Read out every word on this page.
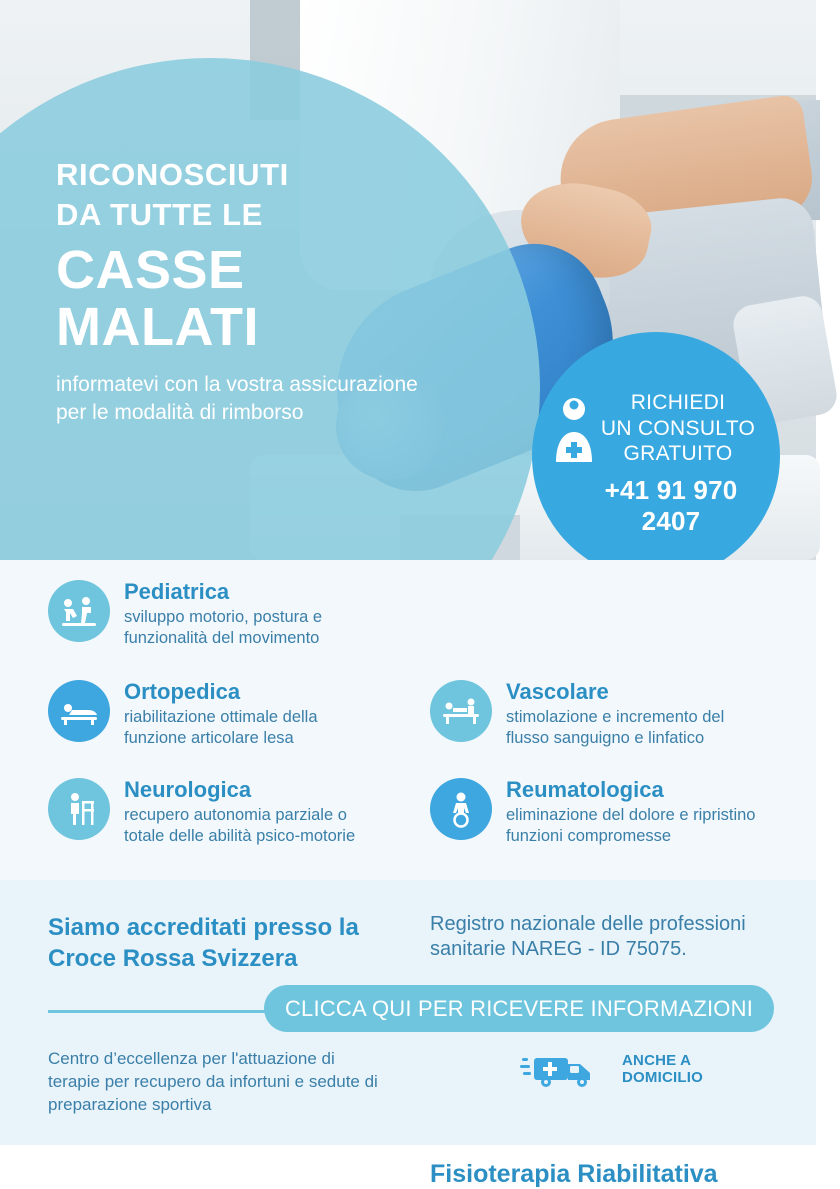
RICONOSCIUTI
DA TUTTE LE
CASSE
MALATI
informatevi con la vostra assicurazione per le modalità di rimborso	RICHIEDI
UN CONSULTO
GRATUITO
+41 91 970 2407
Fisioterapia Riabilitativa
Pediatrica
sviluppo motorio, postura e funzionalità del movimento
Ortopedica
riabilitazione ottimale della funzione articolare lesa
Neurologica
recupero autonomia parziale o totale delle abilità psico-motorie
Vascolare
stimolazione e incremento del flusso sanguigno e linfatico
Reumatologica
eliminazione del dolore e ripristino funzioni compromesse
Siamo accreditati presso la Croce Rossa Svizzera
Registro nazionale delle professioni sanitarie NAREG - ID 75075.
CLICCA QUI PER RICEVERE INFORMAZIONI
Centro d’eccellenza per l'attuazione di terapie per recupero da infortuni e sedute di preparazione sportiva
ANCHE A
DOMICILIO
